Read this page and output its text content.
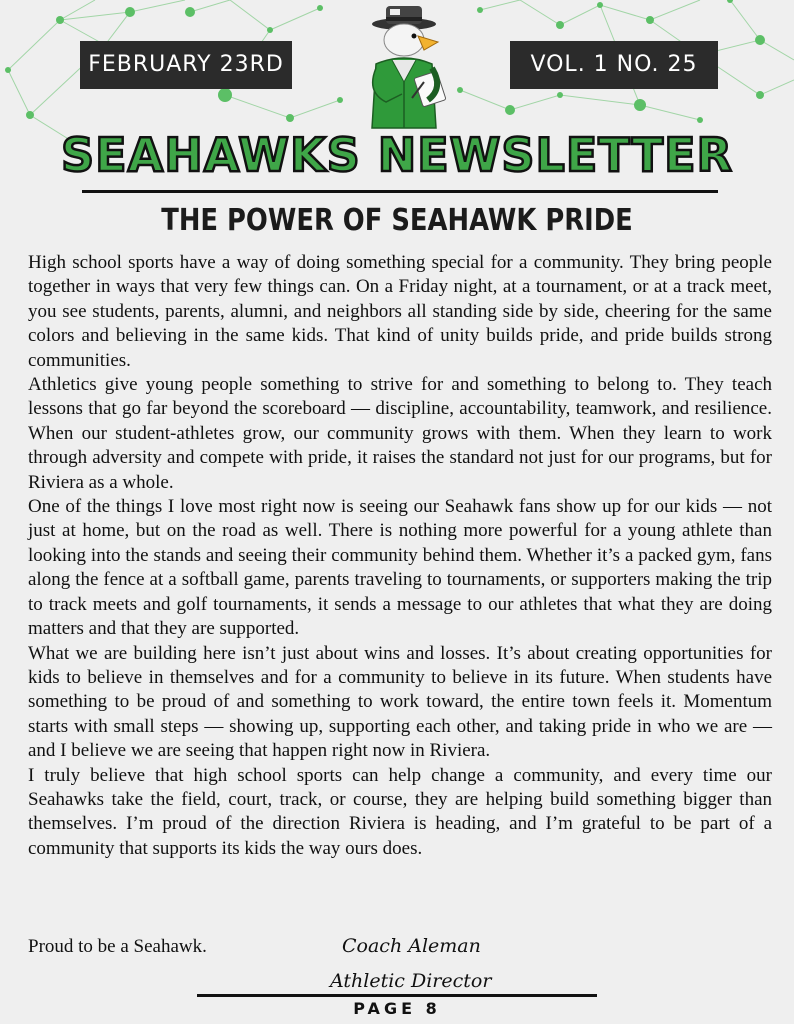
FEBRUARY 23RD	VOL. 1 NO. 25
SEAHAWKS NEWSLETTER
THE POWER OF SEAHAWK PRIDE

High school sports have a way of doing something special for a community. They bring people together in ways that very few things can. On a Friday night, at a tournament, or at a track meet, you see students, parents, alumni, and neighbors all standing side by side, cheering for the same colors and believing in the same kids. That kind of unity builds pride, and pride builds strong communities.

Athletics give young people something to strive for and something to belong to. They teach lessons that go far beyond the scoreboard — discipline, accountability, teamwork, and resilience. When our student-athletes grow, our community grows with them. When they learn to work through adversity and compete with pride, it raises the standard not just for our programs, but for Riviera as a whole.

One of the things I love most right now is seeing our Seahawk fans show up for our kids — not just at home, but on the road as well. There is nothing more powerful for a young athlete than looking into the stands and seeing their community behind them. Whether it’s a packed gym, fans along the fence at a softball game, parents traveling to tournaments, or supporters making the trip to track meets and golf tournaments, it sends a message to our athletes that what they are doing matters and that they are supported.

What we are building here isn’t just about wins and losses. It’s about creating opportunities for kids to believe in themselves and for a community to believe in its future. When students have something to be proud of and something to work toward, the entire town feels it. Momentum starts with small steps — showing up, supporting each other, and taking pride in who we are — and I believe we are seeing that happen right now in Riviera.

I truly believe that high school sports can help change a community, and every time our Seahawks take the field, court, track, or course, they are helping build something bigger than themselves. I’m proud of the direction Riviera is heading, and I’m grateful to be part of a community that supports its kids the way ours does.

Proud to be a Seahawk.	Coach Aleman
Athletic Director
PAGE 8
